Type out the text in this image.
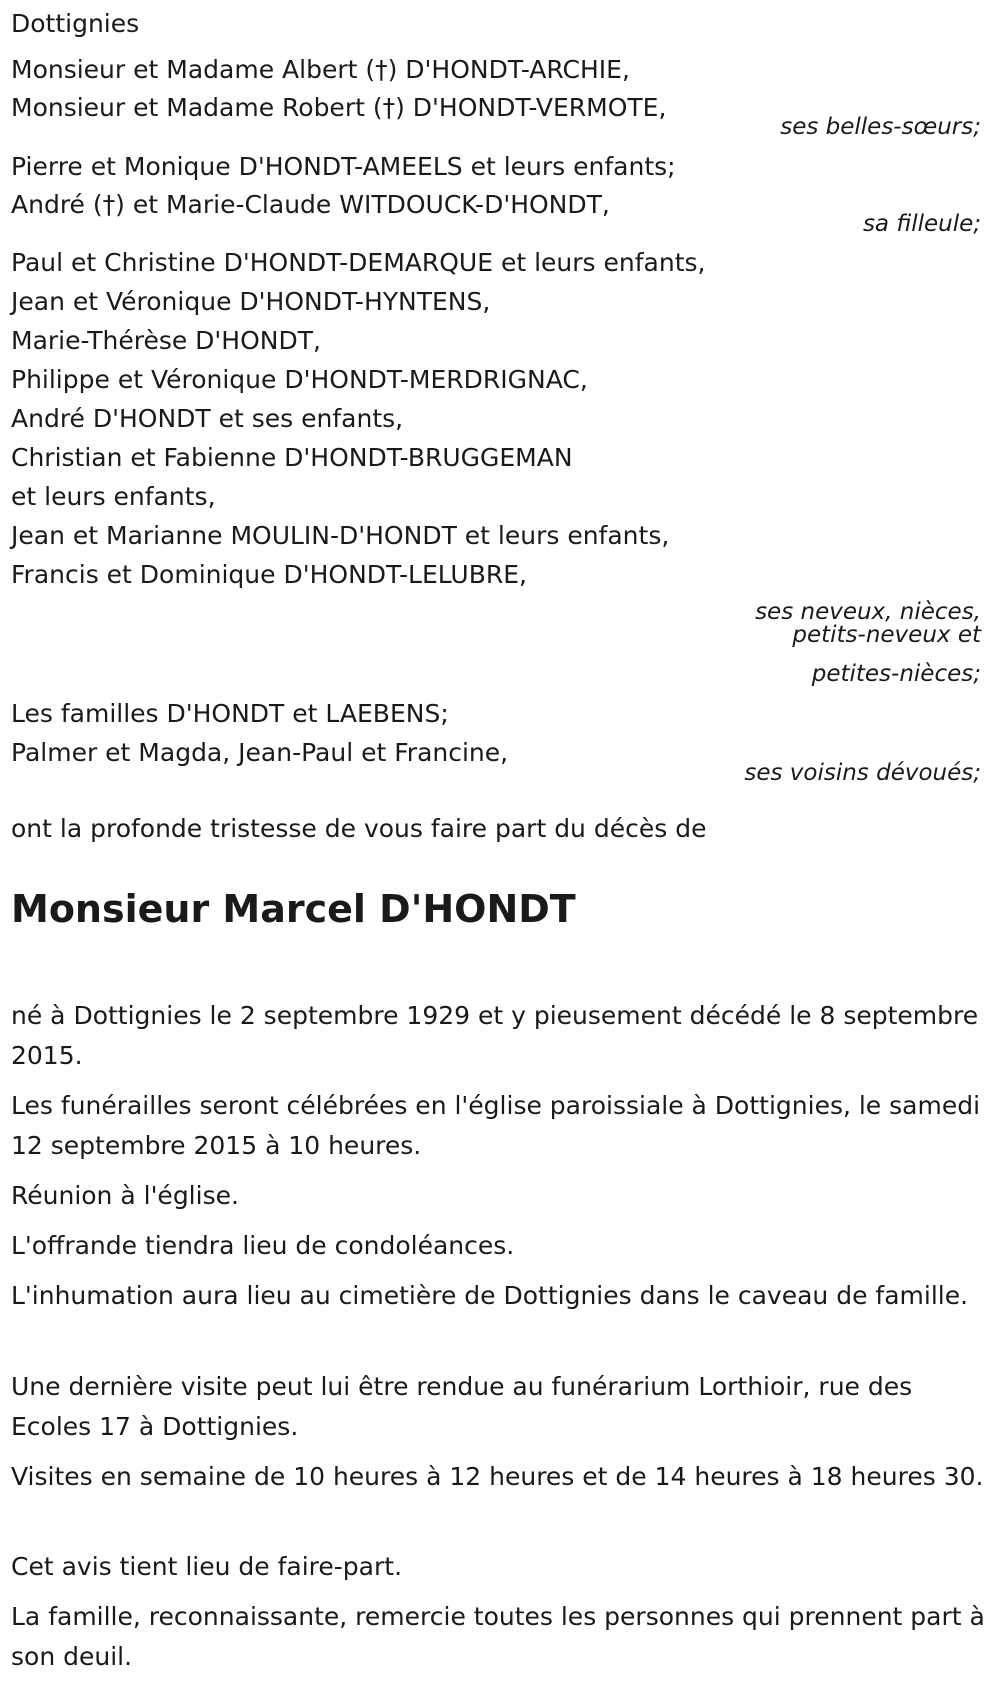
Dottignies
Monsieur et Madame Albert (†) D'HONDT-ARCHIE,
Monsieur et Madame Robert (†) D'HONDT-VERMOTE,
ses belles-sœurs;
Pierre et Monique D'HONDT-AMEELS et leurs enfants;
André (†) et Marie-Claude WITDOUCK-D'HONDT,
sa filleule;
Paul et Christine D'HONDT-DEMARQUE et leurs enfants,
Jean et Véronique D'HONDT-HYNTENS,
Marie-Thérèse D'HONDT,
Philippe et Véronique D'HONDT-MERDRIGNAC,
André D'HONDT et ses enfants,
Christian et Fabienne D'HONDT-BRUGGEMAN
et leurs enfants,
Jean et Marianne MOULIN-D'HONDT et leurs enfants,
Francis et Dominique D'HONDT-LELUBRE,
ses neveux, nièces,
petits-neveux et
petites-nièces;
Les familles D'HONDT et LAEBENS;
Palmer et Magda, Jean-Paul et Francine,
ses voisins dévoués;
ont la profonde tristesse de vous faire part du décès de
Monsieur Marcel D'HONDT

né à Dottignies le 2 septembre 1929 et y pieusement décédé le 8 septembre 2015.

Les funérailles seront célébrées en l'église paroissiale à Dottignies, le samedi 12 septembre 2015 à 10 heures.

Réunion à l'église.

L'offrande tiendra lieu de condoléances.

L'inhumation aura lieu au cimetière de Dottignies dans le caveau de famille.

Une dernière visite peut lui être rendue au funérarium Lorthioir, rue des Ecoles 17 à Dottignies.

Visites en semaine de 10 heures à 12 heures et de 14 heures à 18 heures 30.

Cet avis tient lieu de faire-part.

La famille, reconnaissante, remercie toutes les personnes qui prennent part à son deuil.
